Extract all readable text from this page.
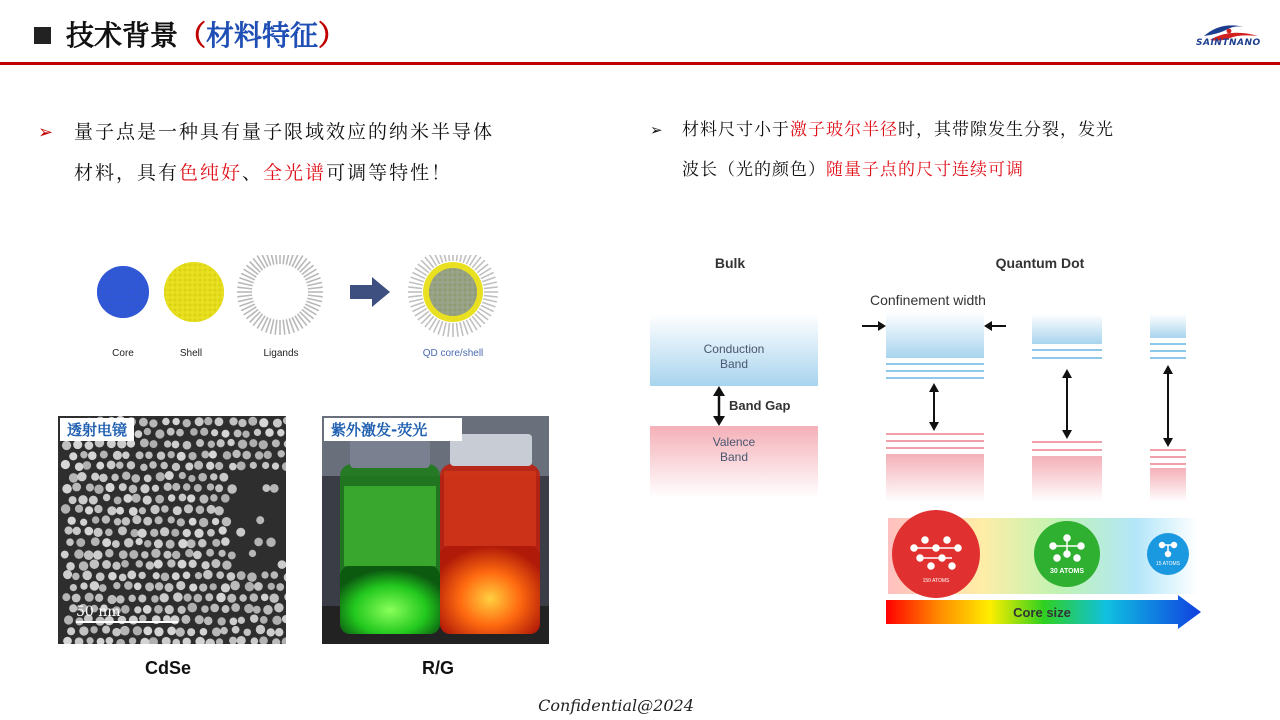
技术背景（材料特征）	SAINTNANO
➢ 量子点是一种具有量子限域效应的纳米半导体
材料，具有色纯好、全光谱可调等特性！
➢	材料尺寸小于激子玻尔半径时，其带隙发生分裂，发光
波长（光的颜色）随量子点的尺寸连续可调
Core	Shell	Ligands	QD core/shell
透射电镜
50 nm
CdSe
紫外激发-荧光
R/G
Bulk	Quantum Dot
Confinement width
Conduction
Band
Band Gap
Valence
Band
150 ATOMS
30 ATOMS
15 ATOMS
Core size
Confidential@2024
